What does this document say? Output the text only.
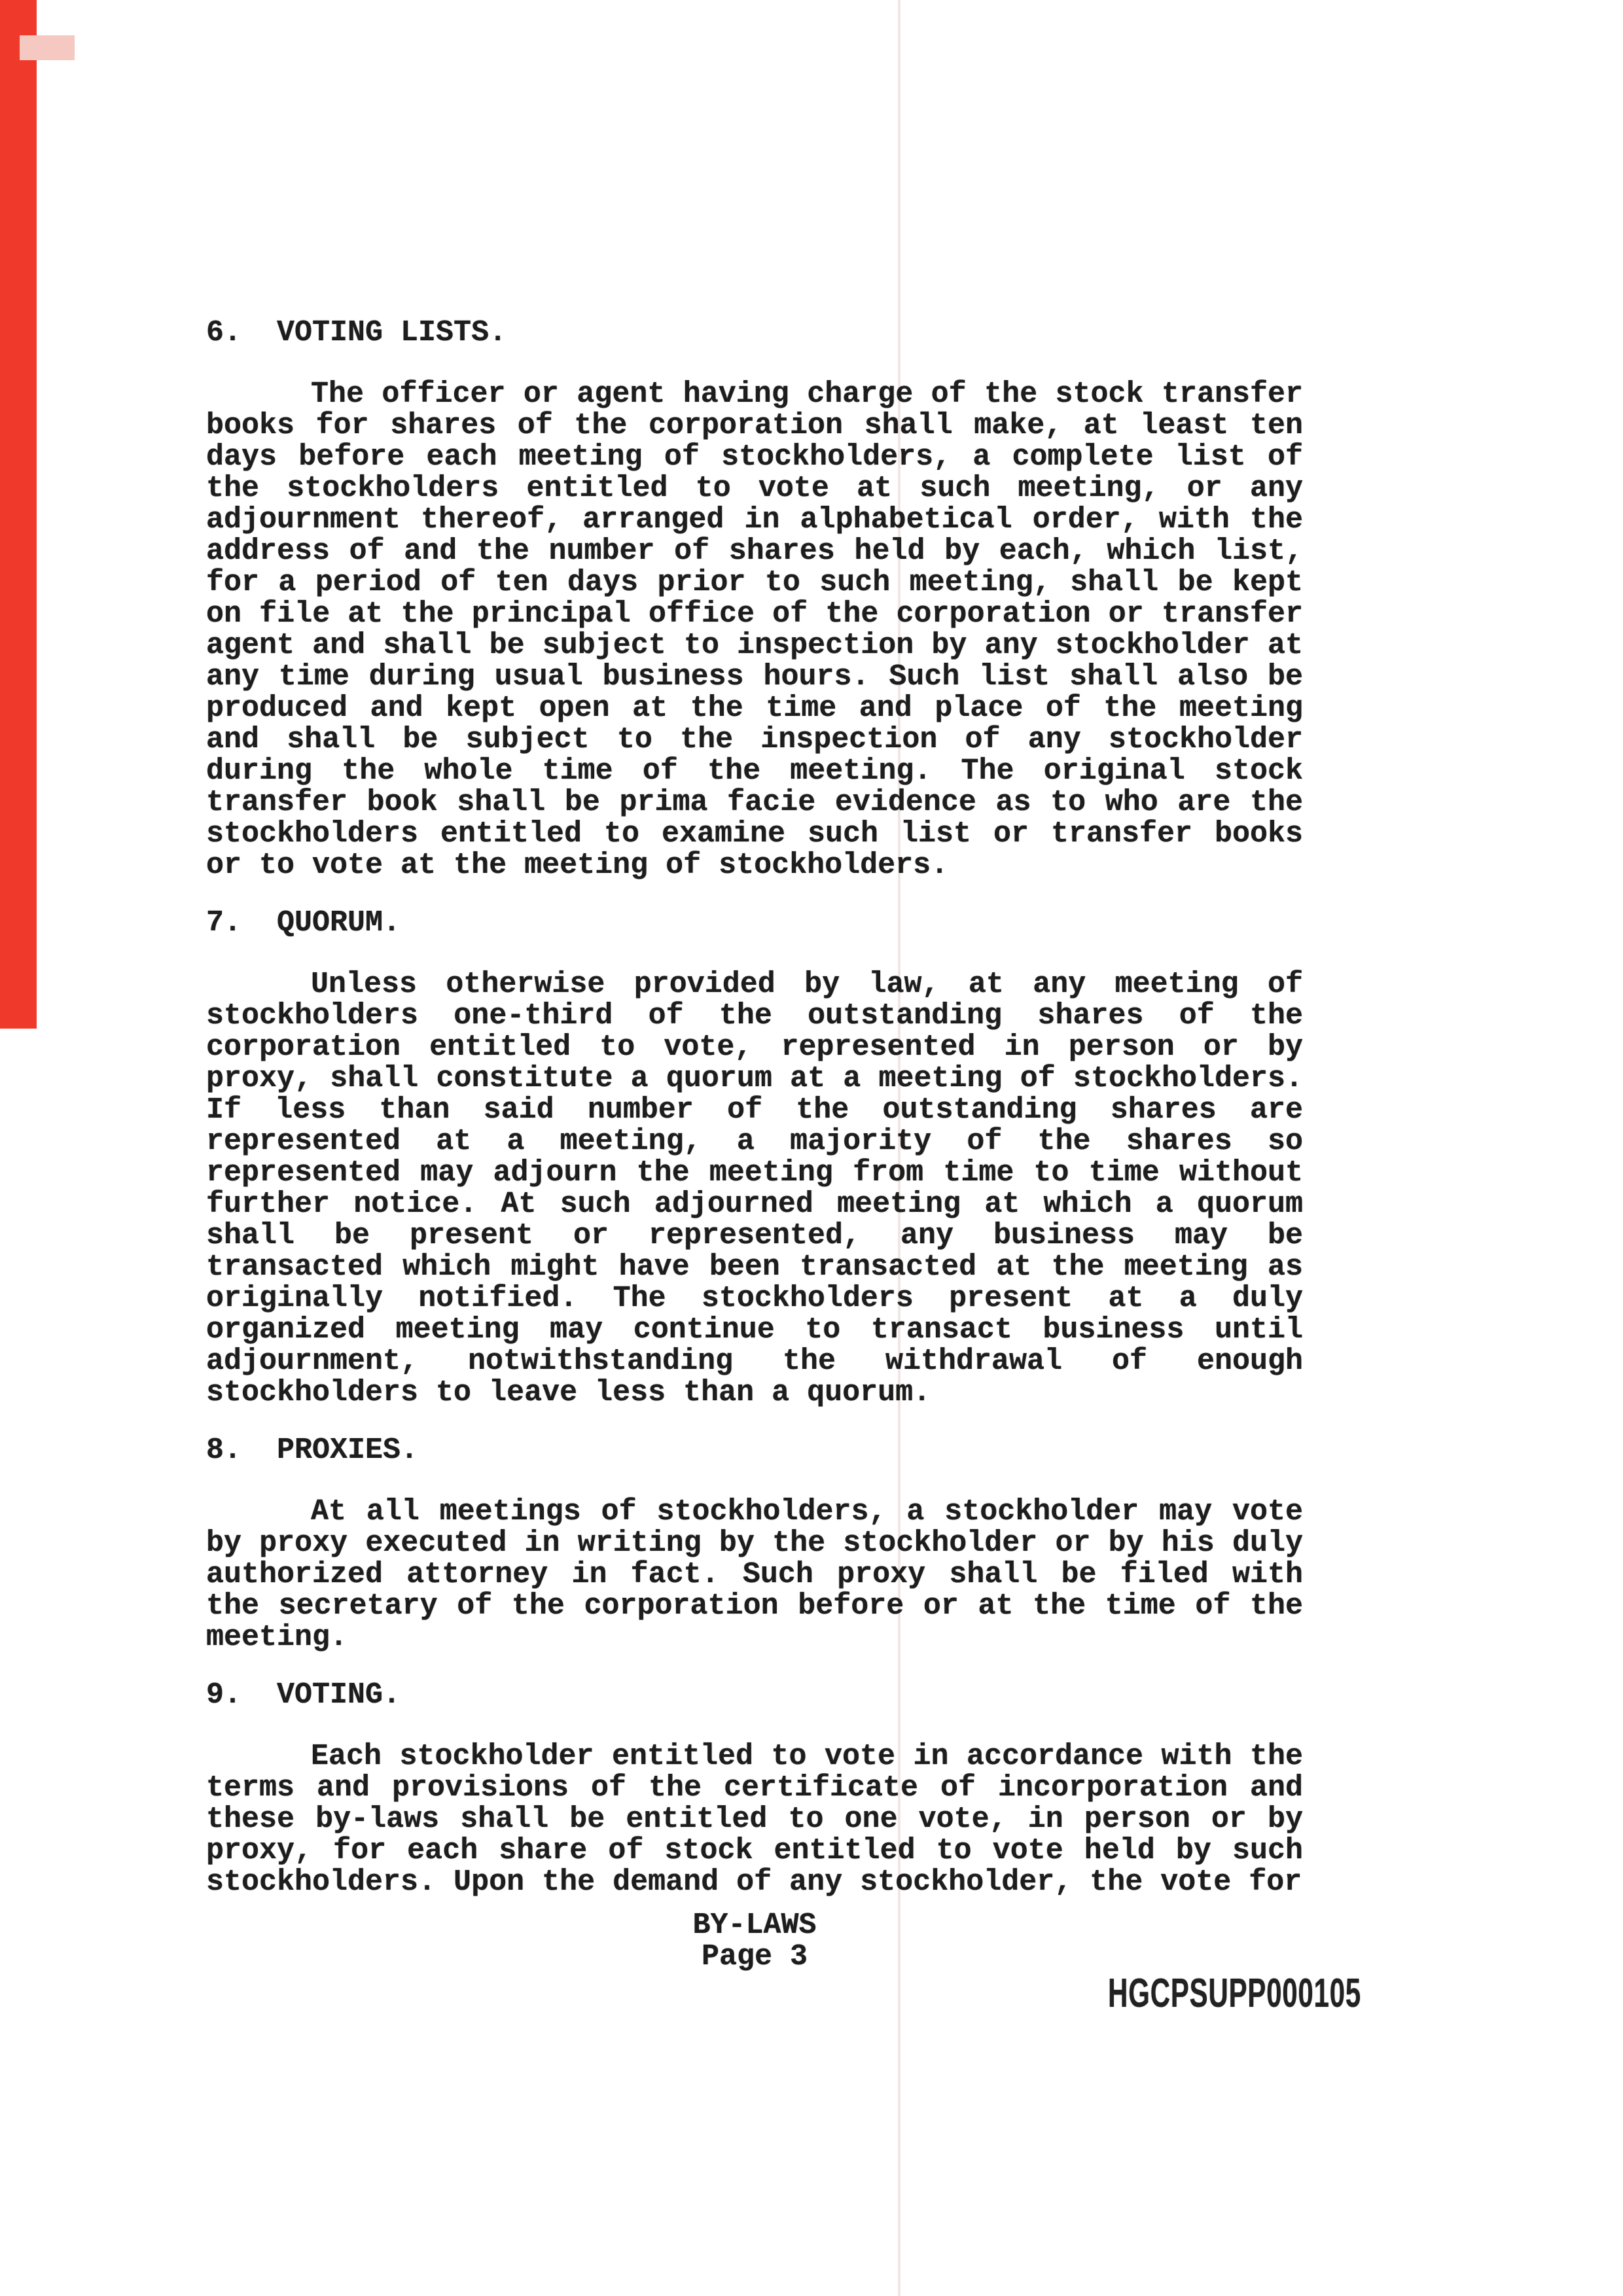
6.  VOTING LISTS.
The officer or agent having charge of the stock transfer
books for shares of the corporation shall make, at least ten
days before each meeting of stockholders, a complete list of
the stockholders entitled to vote at such meeting, or any
adjournment thereof, arranged in alphabetical order, with the
address of and the number of shares held by each, which list,
for a period of ten days prior to such meeting, shall be kept
on file at the principal office of the corporation or transfer
agent and shall be subject to inspection by any stockholder at
any time during usual business hours. Such list shall also be
produced and kept open at the time and place of the meeting
and shall be subject to the inspection of any stockholder
during the whole time of the meeting. The original stock
transfer book shall be prima facie evidence as to who are the
stockholders entitled to examine such list or transfer books
or to vote at the meeting of stockholders.
7.  QUORUM.
Unless otherwise provided by law, at any meeting of
stockholders one-third of the outstanding shares of the
corporation entitled to vote, represented in person or by
proxy, shall constitute a quorum at a meeting of stockholders.
If less than said number of the outstanding shares are
represented at a meeting, a majority of the shares so
represented may adjourn the meeting from time to time without
further notice. At such adjourned meeting at which a quorum
shall be present or represented, any business may be
transacted which might have been transacted at the meeting as
originally notified. The stockholders present at a duly
organized meeting may continue to transact business until
adjournment, notwithstanding the withdrawal of enough
stockholders to leave less than a quorum.
8.  PROXIES.
At all meetings of stockholders, a stockholder may vote
by proxy executed in writing by the stockholder or by his duly
authorized attorney in fact. Such proxy shall be filed with
the secretary of the corporation before or at the time of the
meeting.
9.  VOTING.
Each stockholder entitled to vote in accordance with the
terms and provisions of the certificate of incorporation and
these by-laws shall be entitled to one vote, in person or by
proxy, for each share of stock entitled to vote held by such
stockholders. Upon the demand of any stockholder, the vote for
BY-LAWS
Page 3
HGCPSUPP000105
